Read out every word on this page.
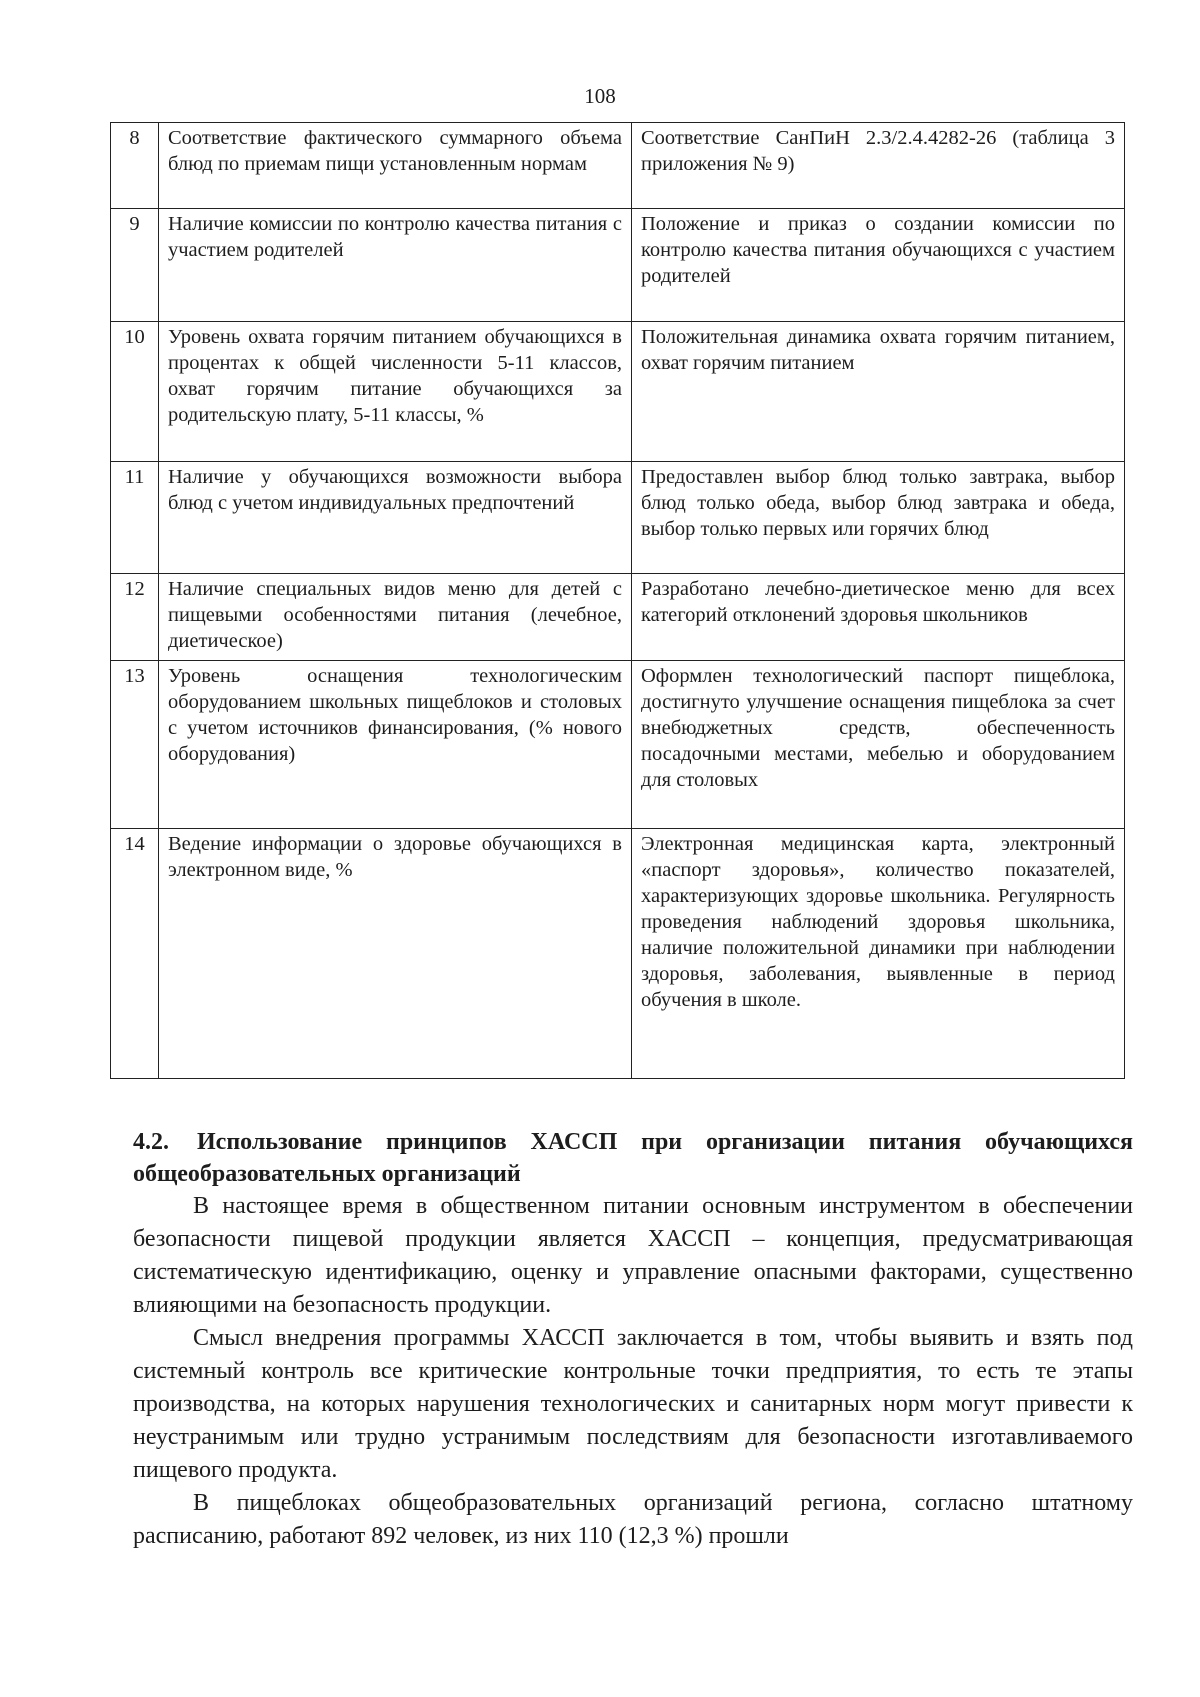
108
8	Соответствие фактического суммарного объема блюд по приемам пищи установленным нормам	Соответствие СанПиН 2.3/2.4.4282-26 (таблица 3 приложения № 9)
9	Наличие комиссии по контролю качества питания с участием родителей	Положение и приказ о создании комиссии по контролю качества питания обучающихся с участием родителей
10	Уровень охвата горячим питанием обучающихся в процентах к общей численности 5-11 классов, охват горячим питание обучающихся за родительскую плату, 5-11 классы, %	Положительная динамика охвата горячим питанием, охват горячим питанием
11	Наличие у обучающихся возможности выбора блюд с учетом индивидуальных предпочтений	Предоставлен выбор блюд только завтрака, выбор блюд только обеда, выбор блюд завтрака и обеда, выбор только первых или горячих блюд
12	Наличие специальных видов меню для детей с пищевыми особенностями питания (лечебное, диетическое)	Разработано лечебно-диетическое меню для всех категорий отклонений здоровья школьников
13	Уровень оснащения технологическим оборудованием школьных пищеблоков и столовых с учетом источников финансирования, (% нового оборудования)	Оформлен технологический паспорт пищеблока, достигнуто улучшение оснащения пищеблока за счет внебюджетных средств, обеспеченность посадочными местами, мебелью и оборудованием для столовых
14	Ведение информации о здоровье обучающихся в электронном виде, %	Электронная медицинская карта, электронный «паспорт здоровья», количество показателей, характеризующих здоровье школьника. Регулярность проведения наблюдений здоровья школьника, наличие положительной динамики при наблюдении здоровья, заболевания, выявленные в период обучения в школе.
4.2. Использование принципов ХАССП при организации питания обучающихся общеобразовательных организаций

В настоящее время в общественном питании основным инструментом в обеспечении безопасности пищевой продукции является ХАССП – концепция, предусматривающая систематическую идентификацию, оценку и управление опасными факторами, существенно влияющими на безопасность продукции.

Смысл внедрения программы ХАССП заключается в том, чтобы выявить и взять под системный контроль все критические контрольные точки предприятия, то есть те этапы производства, на которых нарушения технологических и санитарных норм могут привести к неустранимым или трудно устранимым последствиям для безопасности изготавливаемого пищевого продукта.

В пищеблоках общеобразовательных организаций региона, согласно штатному расписанию, работают 892 человек, из них 110 (12,3 %) прошли
